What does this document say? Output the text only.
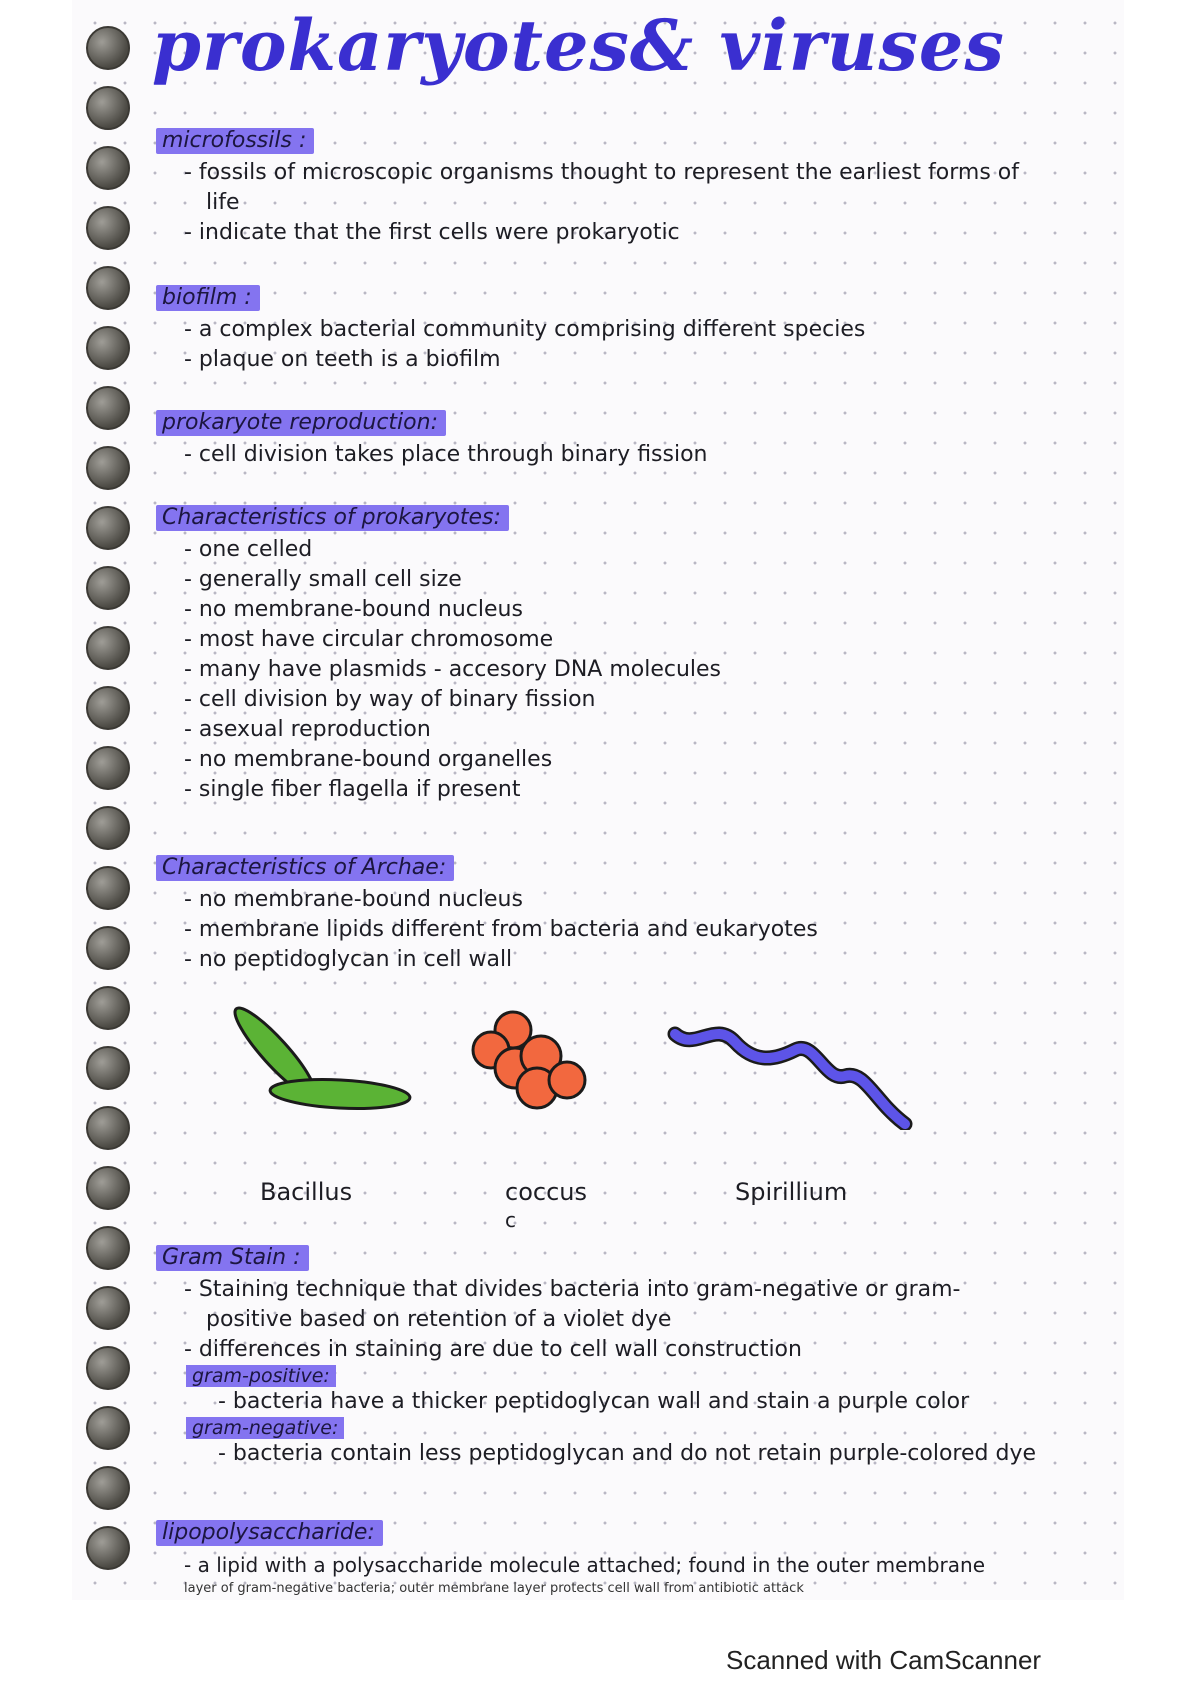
prokaryotes& viruses
microfossils :
- fossils of microscopic organisms thought to represent the earliest forms of
life
- indicate that the first cells were prokaryotic
biofilm :
- a complex bacterial community comprising different species
- plaque on teeth is a biofilm
prokaryote reproduction:
- cell division takes place through binary fission
Characteristics of prokaryotes:
- one celled
- generally small cell size
- no membrane-bound nucleus
- most have circular chromosome
- many have plasmids - accesory DNA molecules
- cell division by way of binary fission
- asexual reproduction
- no membrane-bound organelles
- single fiber flagella if present
Characteristics of Archae:
- no membrane-bound nucleus
- membrane lipids different from bacteria and eukaryotes
- no peptidoglycan in cell wall
Bacillus	coccus
c
Spirillium
Gram Stain :
- Staining technique that divides bacteria into gram-negative or gram-
positive based on retention of a violet dye
- differences in staining are due to cell wall construction
gram-positive:
- bacteria have a thicker peptidoglycan wall and stain a purple color
gram-negative:
- bacteria contain less peptidoglycan and do not retain purple-colored dye
lipopolysaccharide:
- a lipid with a polysaccharide molecule attached; found in the outer membrane
layer of gram-negative bacteria; outer membrane layer protects cell wall from antibiotic attack
Scanned with CamScanner
